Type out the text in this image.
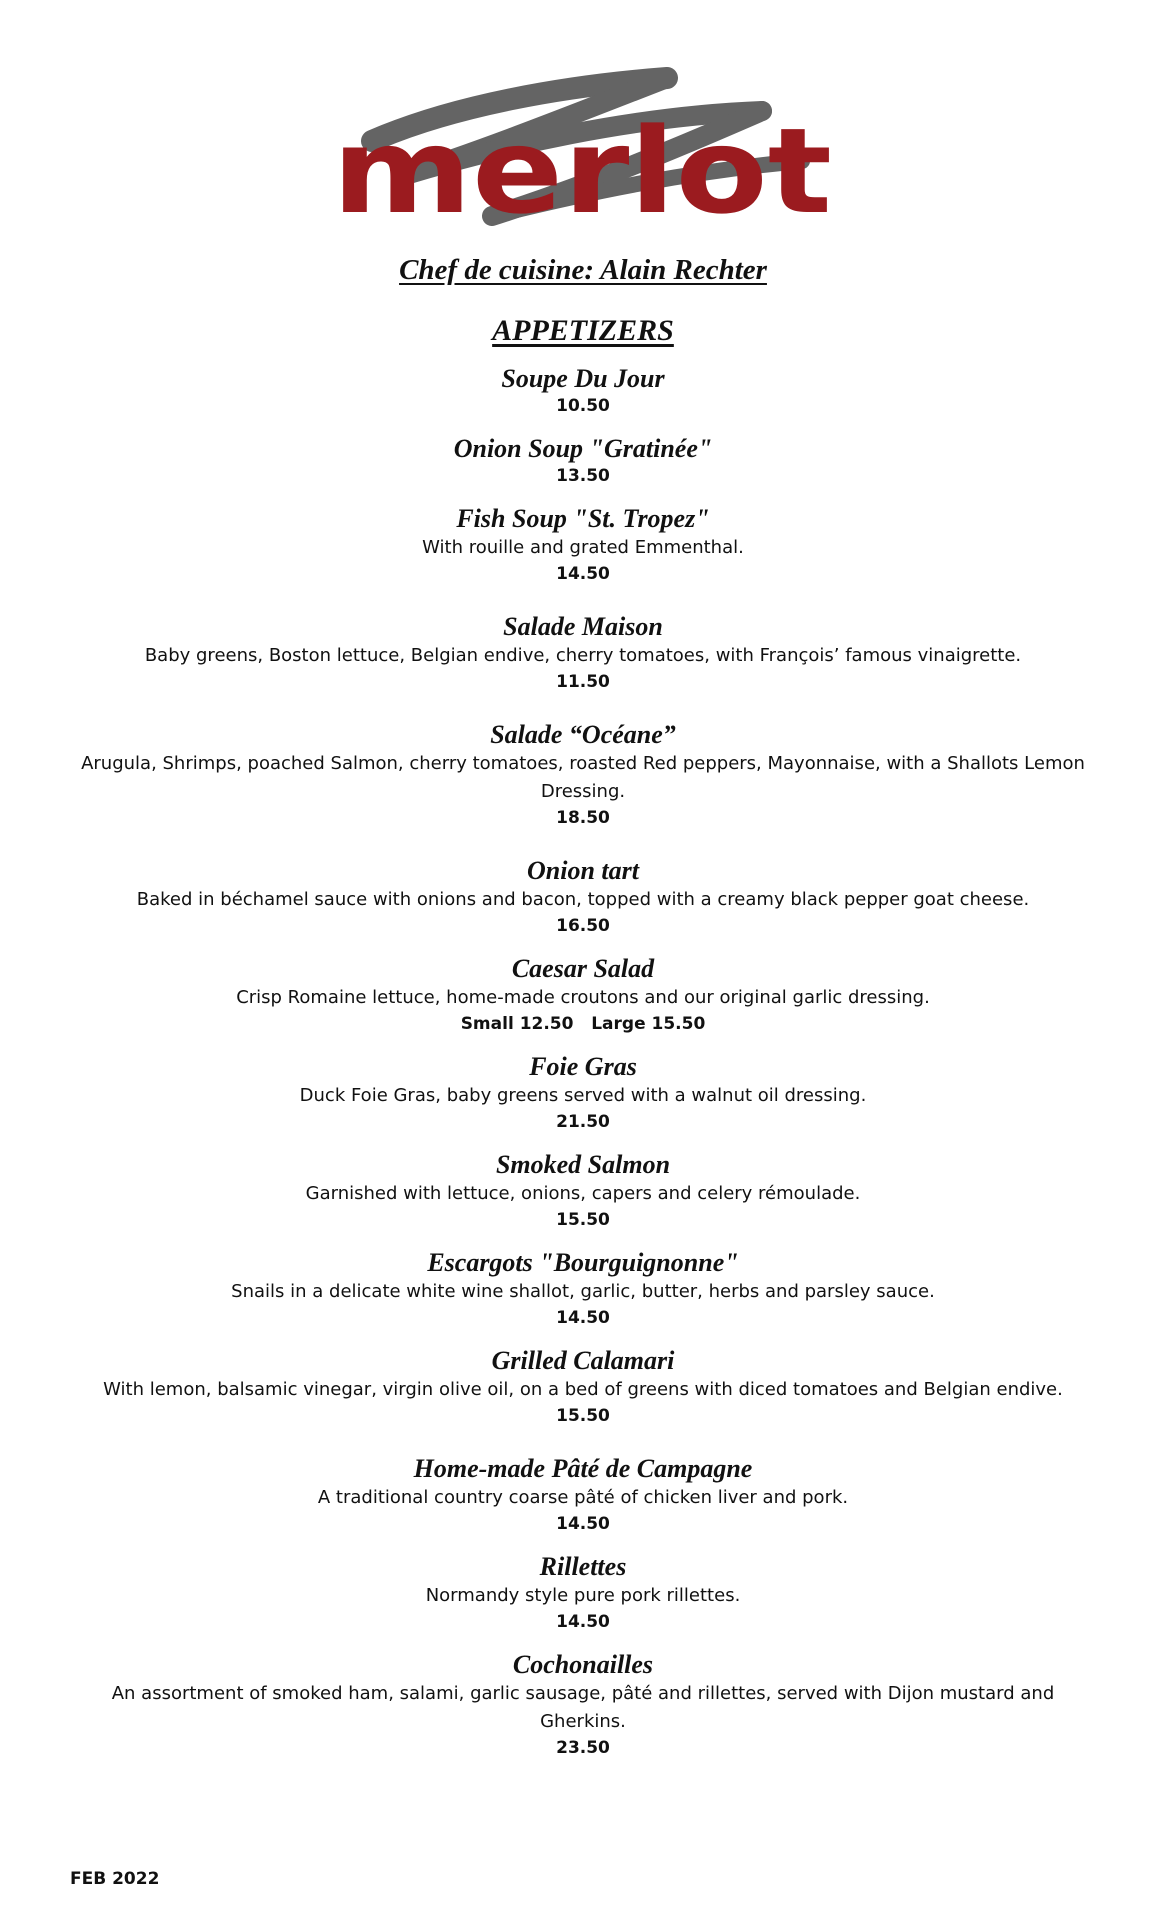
merlot

Chef de cuisine: Alain Rechter

APPETIZERS
Soupe Du Jour
10.50
Onion Soup "Gratinée"
13.50
Fish Soup "St. Tropez"
With rouille and grated Emmenthal.
14.50
Salade Maison
Baby greens, Boston lettuce, Belgian endive, cherry tomatoes, with François’ famous vinaigrette.
11.50
Salade “Océane”
Arugula, Shrimps, poached Salmon, cherry tomatoes, roasted Red peppers, Mayonnaise, with a Shallots Lemon Dressing.
18.50
Onion tart
Baked in béchamel sauce with onions and bacon, topped with a creamy black pepper goat cheese.
16.50
Caesar Salad
Crisp Romaine lettuce, home-made croutons and our original garlic dressing.
Small 12.50   Large 15.50
Foie Gras
Duck Foie Gras, baby greens served with a walnut oil dressing.
21.50
Smoked Salmon
Garnished with lettuce, onions, capers and celery rémoulade.
15.50
Escargots "Bourguignonne"
Snails in a delicate white wine shallot, garlic, butter, herbs and parsley sauce.
14.50
Grilled Calamari
With lemon, balsamic vinegar, virgin olive oil, on a bed of greens with diced tomatoes and Belgian endive.
15.50
Home-made Pâté de Campagne
A traditional country coarse pâté of chicken liver and pork.
14.50
Rillettes
Normandy style pure pork rillettes.
14.50
Cochonailles
An assortment of smoked ham, salami, garlic sausage, pâté and rillettes, served with Dijon mustard and Gherkins.
23.50
FEB 2022
